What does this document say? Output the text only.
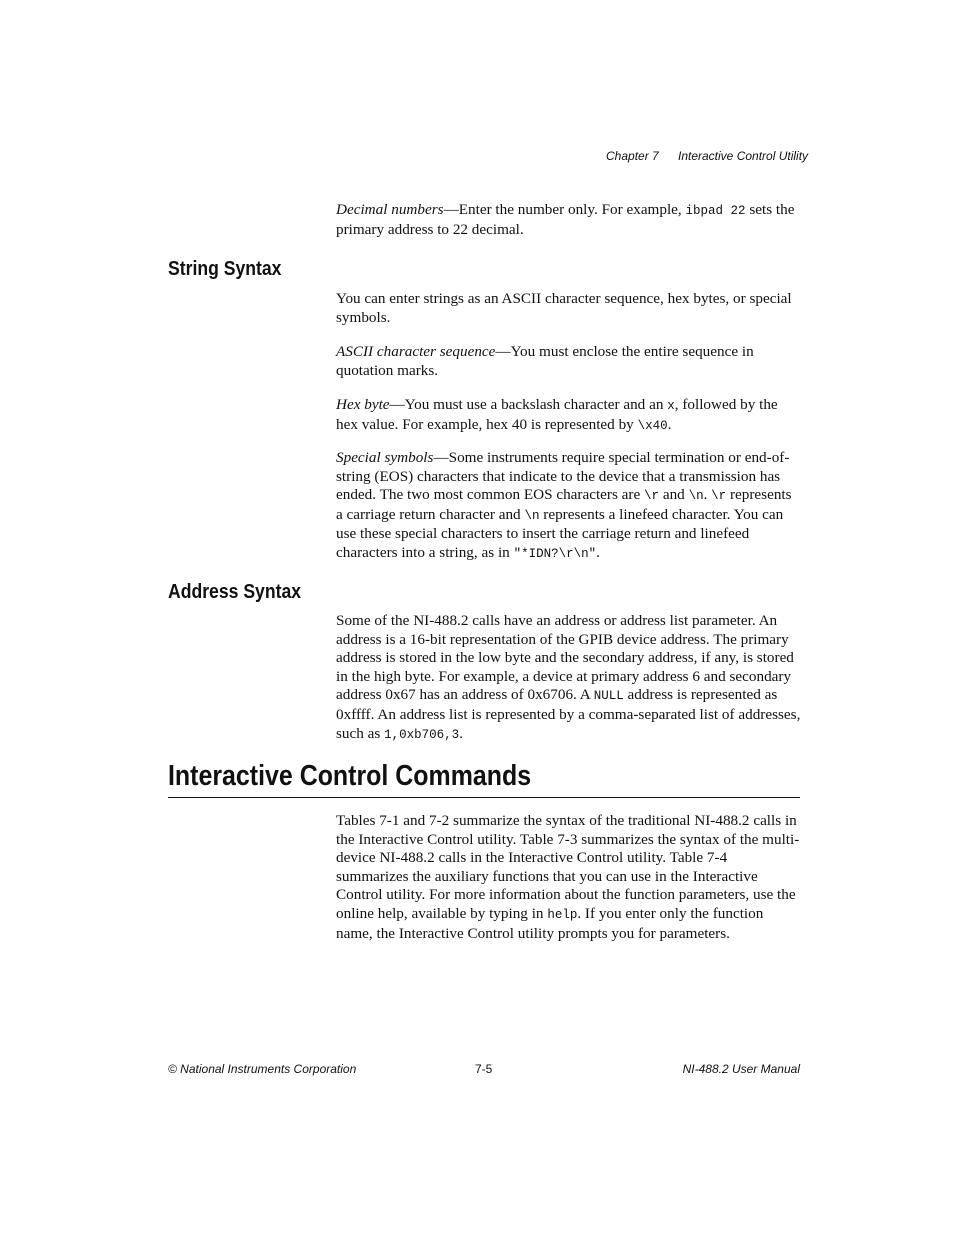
Chapter 7 Interactive Control Utility

Decimal numbers—Enter the number only. For example, ibpad 22 sets the primary address to 22 decimal.

String Syntax

You can enter strings as an ASCII character sequence, hex bytes, or special symbols.

ASCII character sequence—You must enclose the entire sequence in quotation marks.

Hex byte—You must use a backslash character and an x, followed by the hex value. For example, hex 40 is represented by \x40.

Special symbols—Some instruments require special termination or end-of-string (EOS) characters that indicate to the device that a transmission has ended. The two most common EOS characters are \r and \n. \r represents a carriage return character and \n represents a linefeed character. You can use these special characters to insert the carriage return and linefeed characters into a string, as in "*IDN?\r\n".

Address Syntax

Some of the NI-488.2 calls have an address or address list parameter. An address is a 16-bit representation of the GPIB device address. The primary address is stored in the low byte and the secondary address, if any, is stored in the high byte. For example, a device at primary address 6 and secondary address 0x67 has an address of 0x6706. A NULL address is represented as 0xffff. An address list is represented by a comma-separated list of addresses, such as 1,0xb706,3.

Interactive Control Commands

Tables 7-1 and 7-2 summarize the syntax of the traditional NI-488.2 calls in the Interactive Control utility. Table 7-3 summarizes the syntax of the multi-device NI-488.2 calls in the Interactive Control utility. Table 7-4 summarizes the auxiliary functions that you can use in the Interactive Control utility. For more information about the function parameters, use the online help, available by typing in help. If you enter only the function name, the Interactive Control utility prompts you for parameters.

© National Instruments Corporation	7-5	NI-488.2 User Manual
